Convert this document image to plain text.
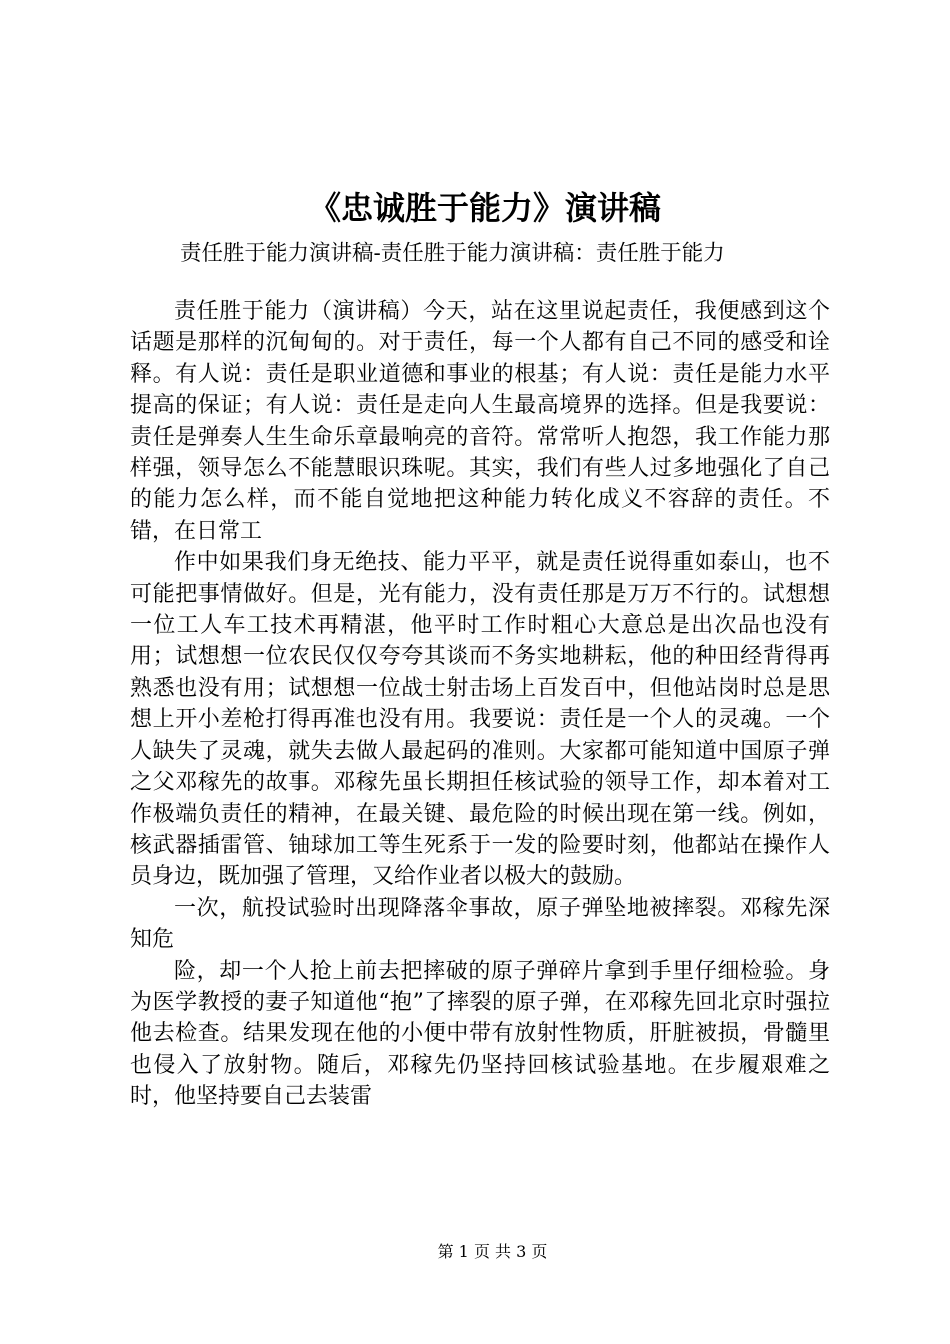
《忠诚胜于能力》演讲稿
责任胜于能力演讲稿-责任胜于能力演讲稿：责任胜于能力

责任胜于能力（演讲稿）今天，站在这里说起责任，我便感到这个话题是那样的沉甸甸的。对于责任，每一个人都有自己不同的感受和诠释。有人说：责任是职业道德和事业的根基；有人说：责任是能力水平提高的保证；有人说：责任是走向人生最高境界的选择。但是我要说：责任是弹奏人生生命乐章最响亮的音符。常常听人抱怨，我工作能力那样强，领导怎么不能慧眼识珠呢。其实，我们有些人过多地强化了自己的能力怎么样，而不能自觉地把这种能力转化成义不容辞的责任。不错，在日常工

作中如果我们身无绝技、能力平平，就是责任说得重如泰山，也不可能把事情做好。但是，光有能力，没有责任那是万万不行的。试想想一位工人车工技术再精湛，他平时工作时粗心大意总是出次品也没有用；试想想一位农民仅仅夸夸其谈而不务实地耕耘，他的种田经背得再熟悉也没有用；试想想一位战士射击场上百发百中，但他站岗时总是思想上开小差枪打得再准也没有用。我要说：责任是一个人的灵魂。一个人缺失了灵魂，就失去做人最起码的准则。大家都可能知道中国原子弹之父邓稼先的故事。邓稼先虽长期担任核试验的领导工作，却本着对工作极端负责任的精神，在最关键、最危险的时候出现在第一线。例如，核武器插雷管、铀球加工等生死系于一发的险要时刻，他都站在操作人员身边，既加强了管理，又给作业者以极大的鼓励。

一次，航投试验时出现降落伞事故，原子弹坠地被摔裂。邓稼先深知危

险，却一个人抢上前去把摔破的原子弹碎片拿到手里仔细检验。身为医学教授的妻子知道他“抱”了摔裂的原子弹，在邓稼先回北京时强拉他去检查。结果发现在他的小便中带有放射性物质，肝脏被损，骨髓里也侵入了放射物。随后，邓稼先仍坚持回核试验基地。在步履艰难之时，他坚持要自己去装雷

第 1 页 共 3 页
